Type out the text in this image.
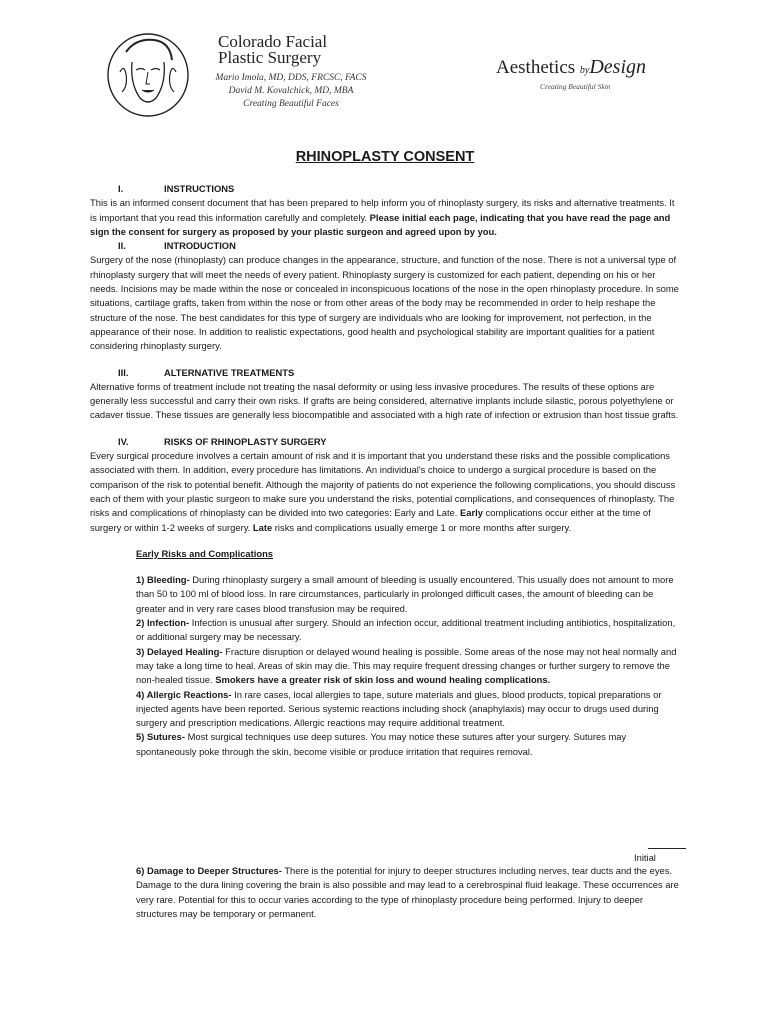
Colorado Facial
Plastic Surgery
Mario Imola, MD, DDS, FRCSC, FACS
David M. Kovalchick, MD, MBA
Creating Beautiful Faces
Aesthetics byDesign
Creating Beautiful Skin
RHINOPLASTY CONSENT
I.	INSTRUCTIONS

This is an informed consent document that has been prepared to help inform you of rhinoplasty surgery, its risks and alternative treatments. It is important that you read this information carefully and completely. Please initial each page, indicating that you have read the page and sign the consent for surgery as proposed by your plastic surgeon and agreed upon by you.

II.	INTRODUCTION

Surgery of the nose (rhinoplasty) can produce changes in the appearance, structure, and function of the nose. There is not a universal type of rhinoplasty surgery that will meet the needs of every patient. Rhinoplasty surgery is customized for each patient, depending on his or her needs. Incisions may be made within the nose or concealed in inconspicuous locations of the nose in the open rhinoplasty procedure. In some situations, cartilage grafts, taken from within the nose or from other areas of the body may be recommended in order to help reshape the structure of the nose. The best candidates for this type of surgery are individuals who are looking for improvement, not perfection, in the appearance of their nose. In addition to realistic expectations, good health and psychological stability are important qualities for a patient considering rhinoplasty surgery.

III.	ALTERNATIVE TREATMENTS

Alternative forms of treatment include not treating the nasal deformity or using less invasive procedures. The results of these options are generally less successful and carry their own risks. If grafts are being considered, alternative implants include silastic, porous polyethylene or cadaver tissue. These tissues are generally less biocompatible and associated with a high rate of infection or extrusion than host tissue grafts.

IV.	RISKS OF RHINOPLASTY SURGERY

Every surgical procedure involves a certain amount of risk and it is important that you understand these risks and the possible complications associated with them. In addition, every procedure has limitations. An individual's choice to undergo a surgical procedure is based on the comparison of the risk to potential benefit. Although the majority of patients do not experience the following complications, you should discuss each of them with your plastic surgeon to make sure you understand the risks, potential complications, and consequences of rhinoplasty. The risks and complications of rhinoplasty can be divided into two categories: Early and Late. Early complications occur either at the time of surgery or within 1-2 weeks of surgery. Late risks and complications usually emerge 1 or more months after surgery.

Early Risks and Complications

1) Bleeding- During rhinoplasty surgery a small amount of bleeding is usually encountered. This usually does not amount to more than 50 to 100 ml of blood loss. In rare circumstances, particularly in prolonged difficult cases, the amount of bleeding can be greater and in very rare cases blood transfusion may be required.

2) Infection- Infection is unusual after surgery. Should an infection occur, additional treatment including antibiotics, hospitalization, or additional surgery may be necessary.

3) Delayed Healing- Fracture disruption or delayed wound healing is possible. Some areas of the nose may not heal normally and may take a long time to heal. Areas of skin may die. This may require frequent dressing changes or further surgery to remove the non-healed tissue. Smokers have a greater risk of skin loss and wound healing complications.

4) Allergic Reactions- In rare cases, local allergies to tape, suture materials and glues, blood products, topical preparations or injected agents have been reported. Serious systemic reactions including shock (anaphylaxis) may occur to drugs used during surgery and prescription medications. Allergic reactions may require additional treatment.

5) Sutures- Most surgical techniques use deep sutures. You may notice these sutures after your surgery. Sutures may spontaneously poke through the skin, become visible or produce irritation that requires removal.

Initial

6) Damage to Deeper Structures- There is the potential for injury to deeper structures including nerves, tear ducts and the eyes. Damage to the dura lining covering the brain is also possible and may lead to a cerebrospinal fluid leakage. These occurrences are very rare. Potential for this to occur varies according to the type of rhinoplasty procedure being performed. Injury to deeper structures may be temporary or permanent.
